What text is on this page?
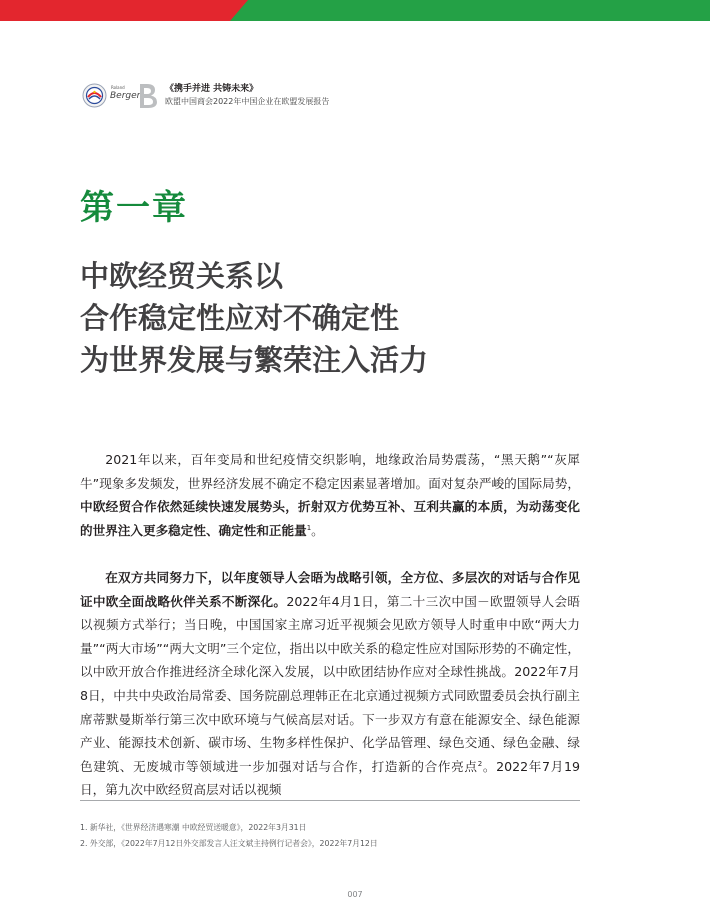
Roland
Berger
《携手并进 共铸未来》
欧盟中国商会2022年中国企业在欧盟发展报告
第一章
中欧经贸关系以
合作稳定性应对不确定性
为世界发展与繁荣注入活力

2021年以来，百年变局和世纪疫情交织影响，地缘政治局势震荡，“黑天鹅”“灰犀牛”现象多发频发，世界经济发展不确定不稳定因素显著增加。面对复杂严峻的国际局势，中欧经贸合作依然延续快速发展势头，折射双方优势互补、互利共赢的本质，为动荡变化的世界注入更多稳定性、确定性和正能量$^1$。

在双方共同努力下，以年度领导人会晤为战略引领，全方位、多层次的对话与合作见证中欧全面战略伙伴关系不断深化。2022年4月1日，第二十三次中国－欧盟领导人会晤以视频方式举行；当日晚，中国国家主席习近平视频会见欧方领导人时重申中欧“两大力量”“两大市场”“两大文明”三个定位，指出以中欧关系的稳定性应对国际形势的不确定性，以中欧开放合作推进经济全球化深入发展，以中欧团结协作应对全球性挑战。2022年7月8日，中共中央政治局常委、国务院副总理韩正在北京通过视频方式同欧盟委员会执行副主席蒂默曼斯举行第三次中欧环境与气候高层对话。下一步双方有意在能源安全、绿色能源产业、能源技术创新、碳市场、生物多样性保护、化学品管理、绿色交通、绿色金融、绿色建筑、无废城市等领域进一步加强对话与合作，打造新的合作亮点$^2$。2022年7月19日，第九次中欧经贸高层对话以视频

1. 新华社，《世界经济遇寒潮 中欧经贸送暖意》，2022年3月31日
2. 外交部，《2022年7月12日外交部发言人汪文斌主持例行记者会》，2022年7月12日
007
